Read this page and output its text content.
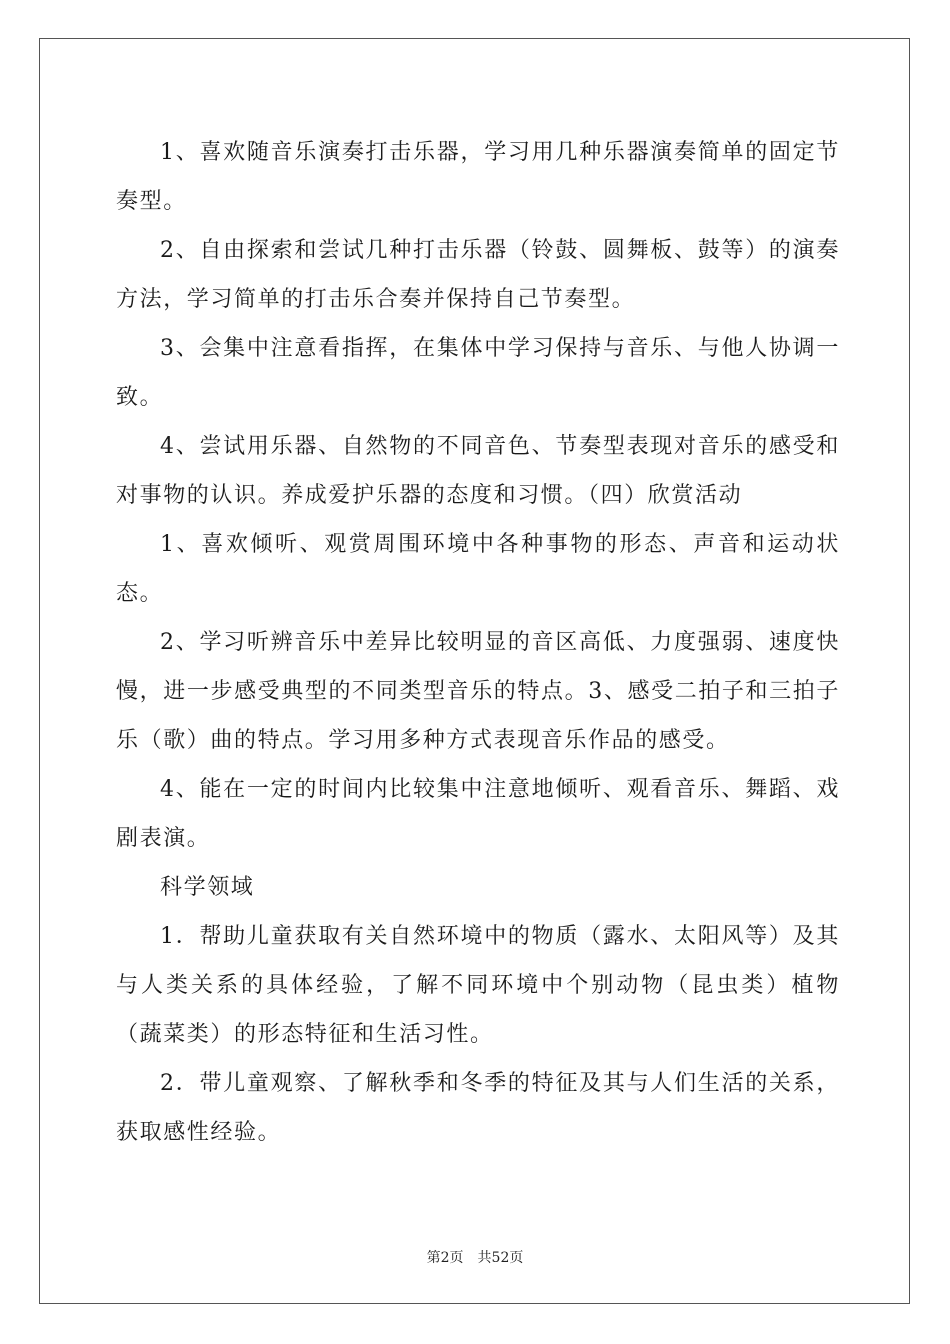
1、喜欢随音乐演奏打击乐器，学习用几种乐器演奏简单的固定节奏型。

2、自由探索和尝试几种打击乐器（铃鼓、圆舞板、鼓等）的演奏方法，学习简单的打击乐合奏并保持自己节奏型。

3、会集中注意看指挥，在集体中学习保持与音乐、与他人协调一致。

4、尝试用乐器、自然物的不同音色、节奏型表现对音乐的感受和对事物的认识。养成爱护乐器的态度和习惯。（四）欣赏活动

1、喜欢倾听、观赏周围环境中各种事物的形态、声音和运动状态。

2、学习听辨音乐中差异比较明显的音区高低、力度强弱、速度快慢，进一步感受典型的不同类型音乐的特点。3、感受二拍子和三拍子乐（歌）曲的特点。学习用多种方式表现音乐作品的感受。

4、能在一定的时间内比较集中注意地倾听、观看音乐、舞蹈、戏剧表演。

科学领域

1．帮助儿童获取有关自然环境中的物质（露水、太阳风等）及其与人类关系的具体经验，了解不同环境中个别动物（昆虫类）植物（蔬菜类）的形态特征和生活习性。

2．带儿童观察、了解秋季和冬季的特征及其与人们生活的关系，获取感性经验。

第2页 共52页
